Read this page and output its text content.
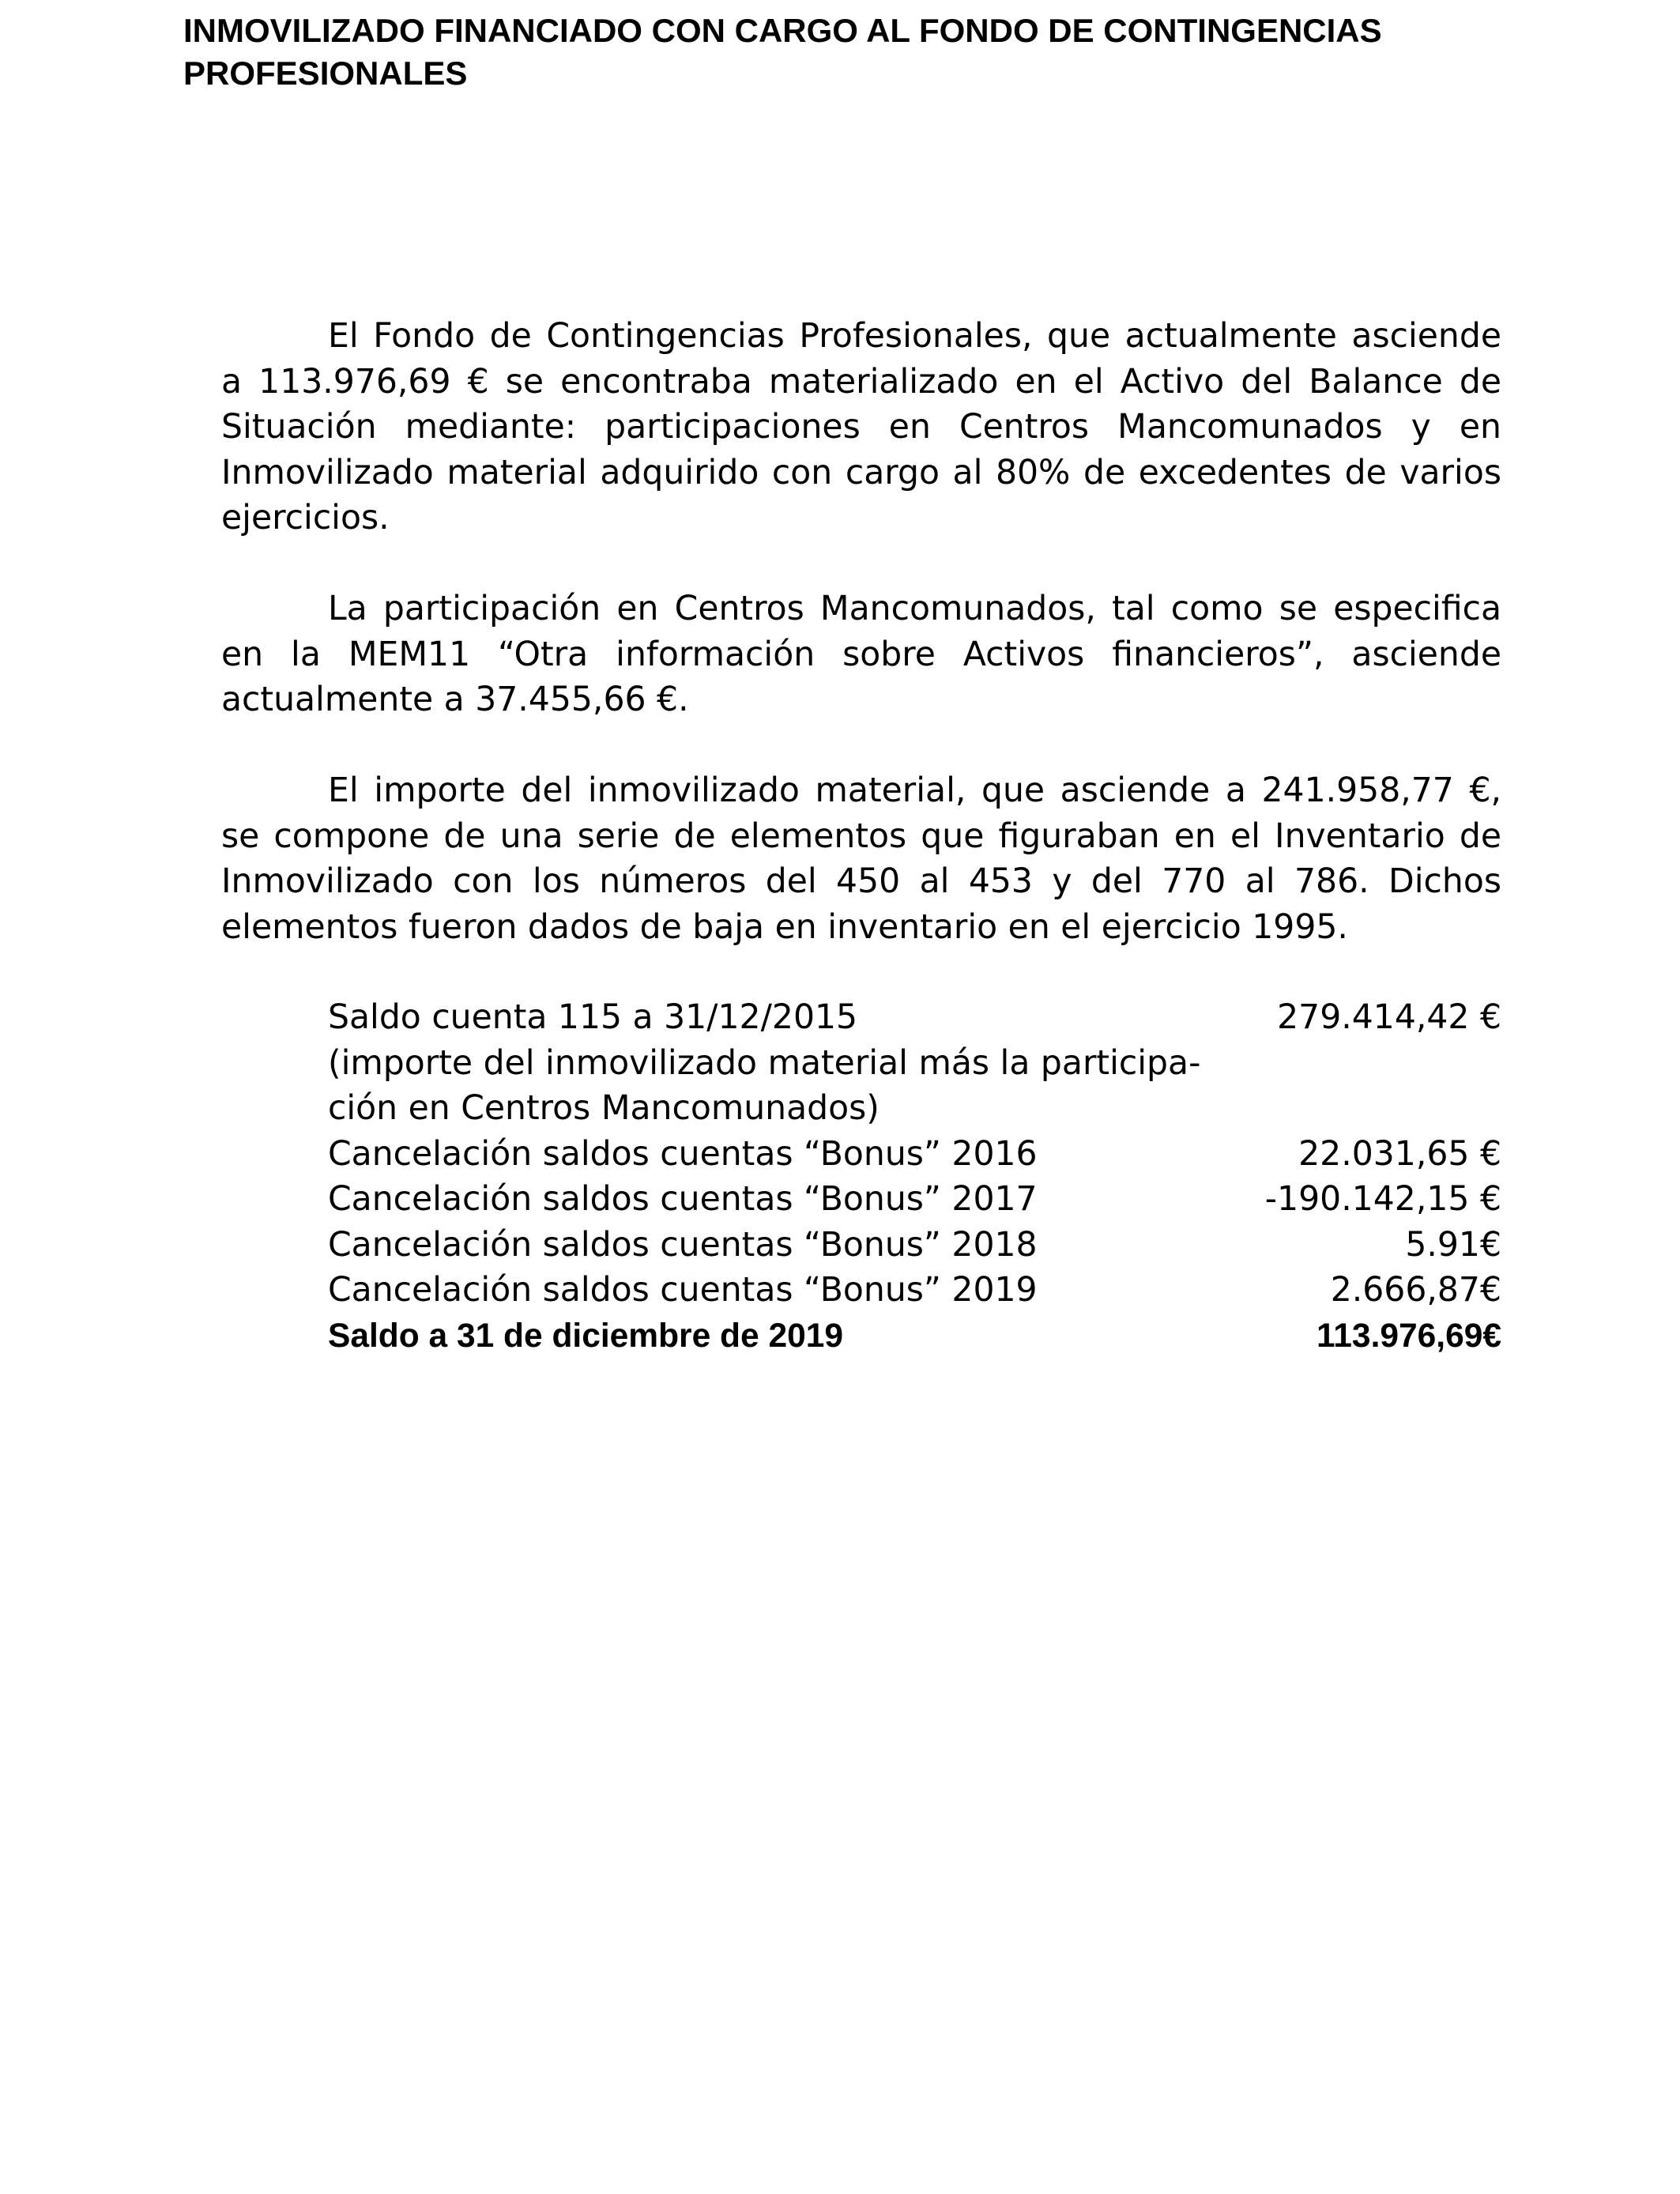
INMOVILIZADO FINANCIADO CON CARGO AL FONDO DE CONTINGENCIAS PROFESIONALES

El Fondo de Contingencias Profesionales, que actualmente asciende a 113.976,69 € se encontraba materializado en el Activo del Balance de Situación mediante: participaciones en Centros Mancomunados y en Inmovilizado material adquirido con cargo al 80% de excedentes de varios ejercicios.

La participación en Centros Mancomunados, tal como se especifica en la MEM11 “Otra información sobre Activos financieros”, asciende actualmente a 37.455,66 €.

El importe del inmovilizado material, que asciende a 241.958,77 €, se compone de una serie de elementos que figuraban en el Inventario de Inmovilizado con los números del 450 al 453 y del 770 al 786. Dichos elementos fueron dados de baja en inventario en el ejercicio 1995.

Saldo cuenta 115 a 31/12/2015	279.414,42 €
(importe del inmovilizado material más la participa-ción en Centros Mancomunados)
Cancelación saldos cuentas “Bonus” 2016	22.031,65 €
Cancelación saldos cuentas “Bonus” 2017	-190.142,15 €
Cancelación saldos cuentas “Bonus” 2018	5.91€
Cancelación saldos cuentas “Bonus” 2019	2.666,87€
Saldo a 31 de diciembre de 2019	113.976,69€
